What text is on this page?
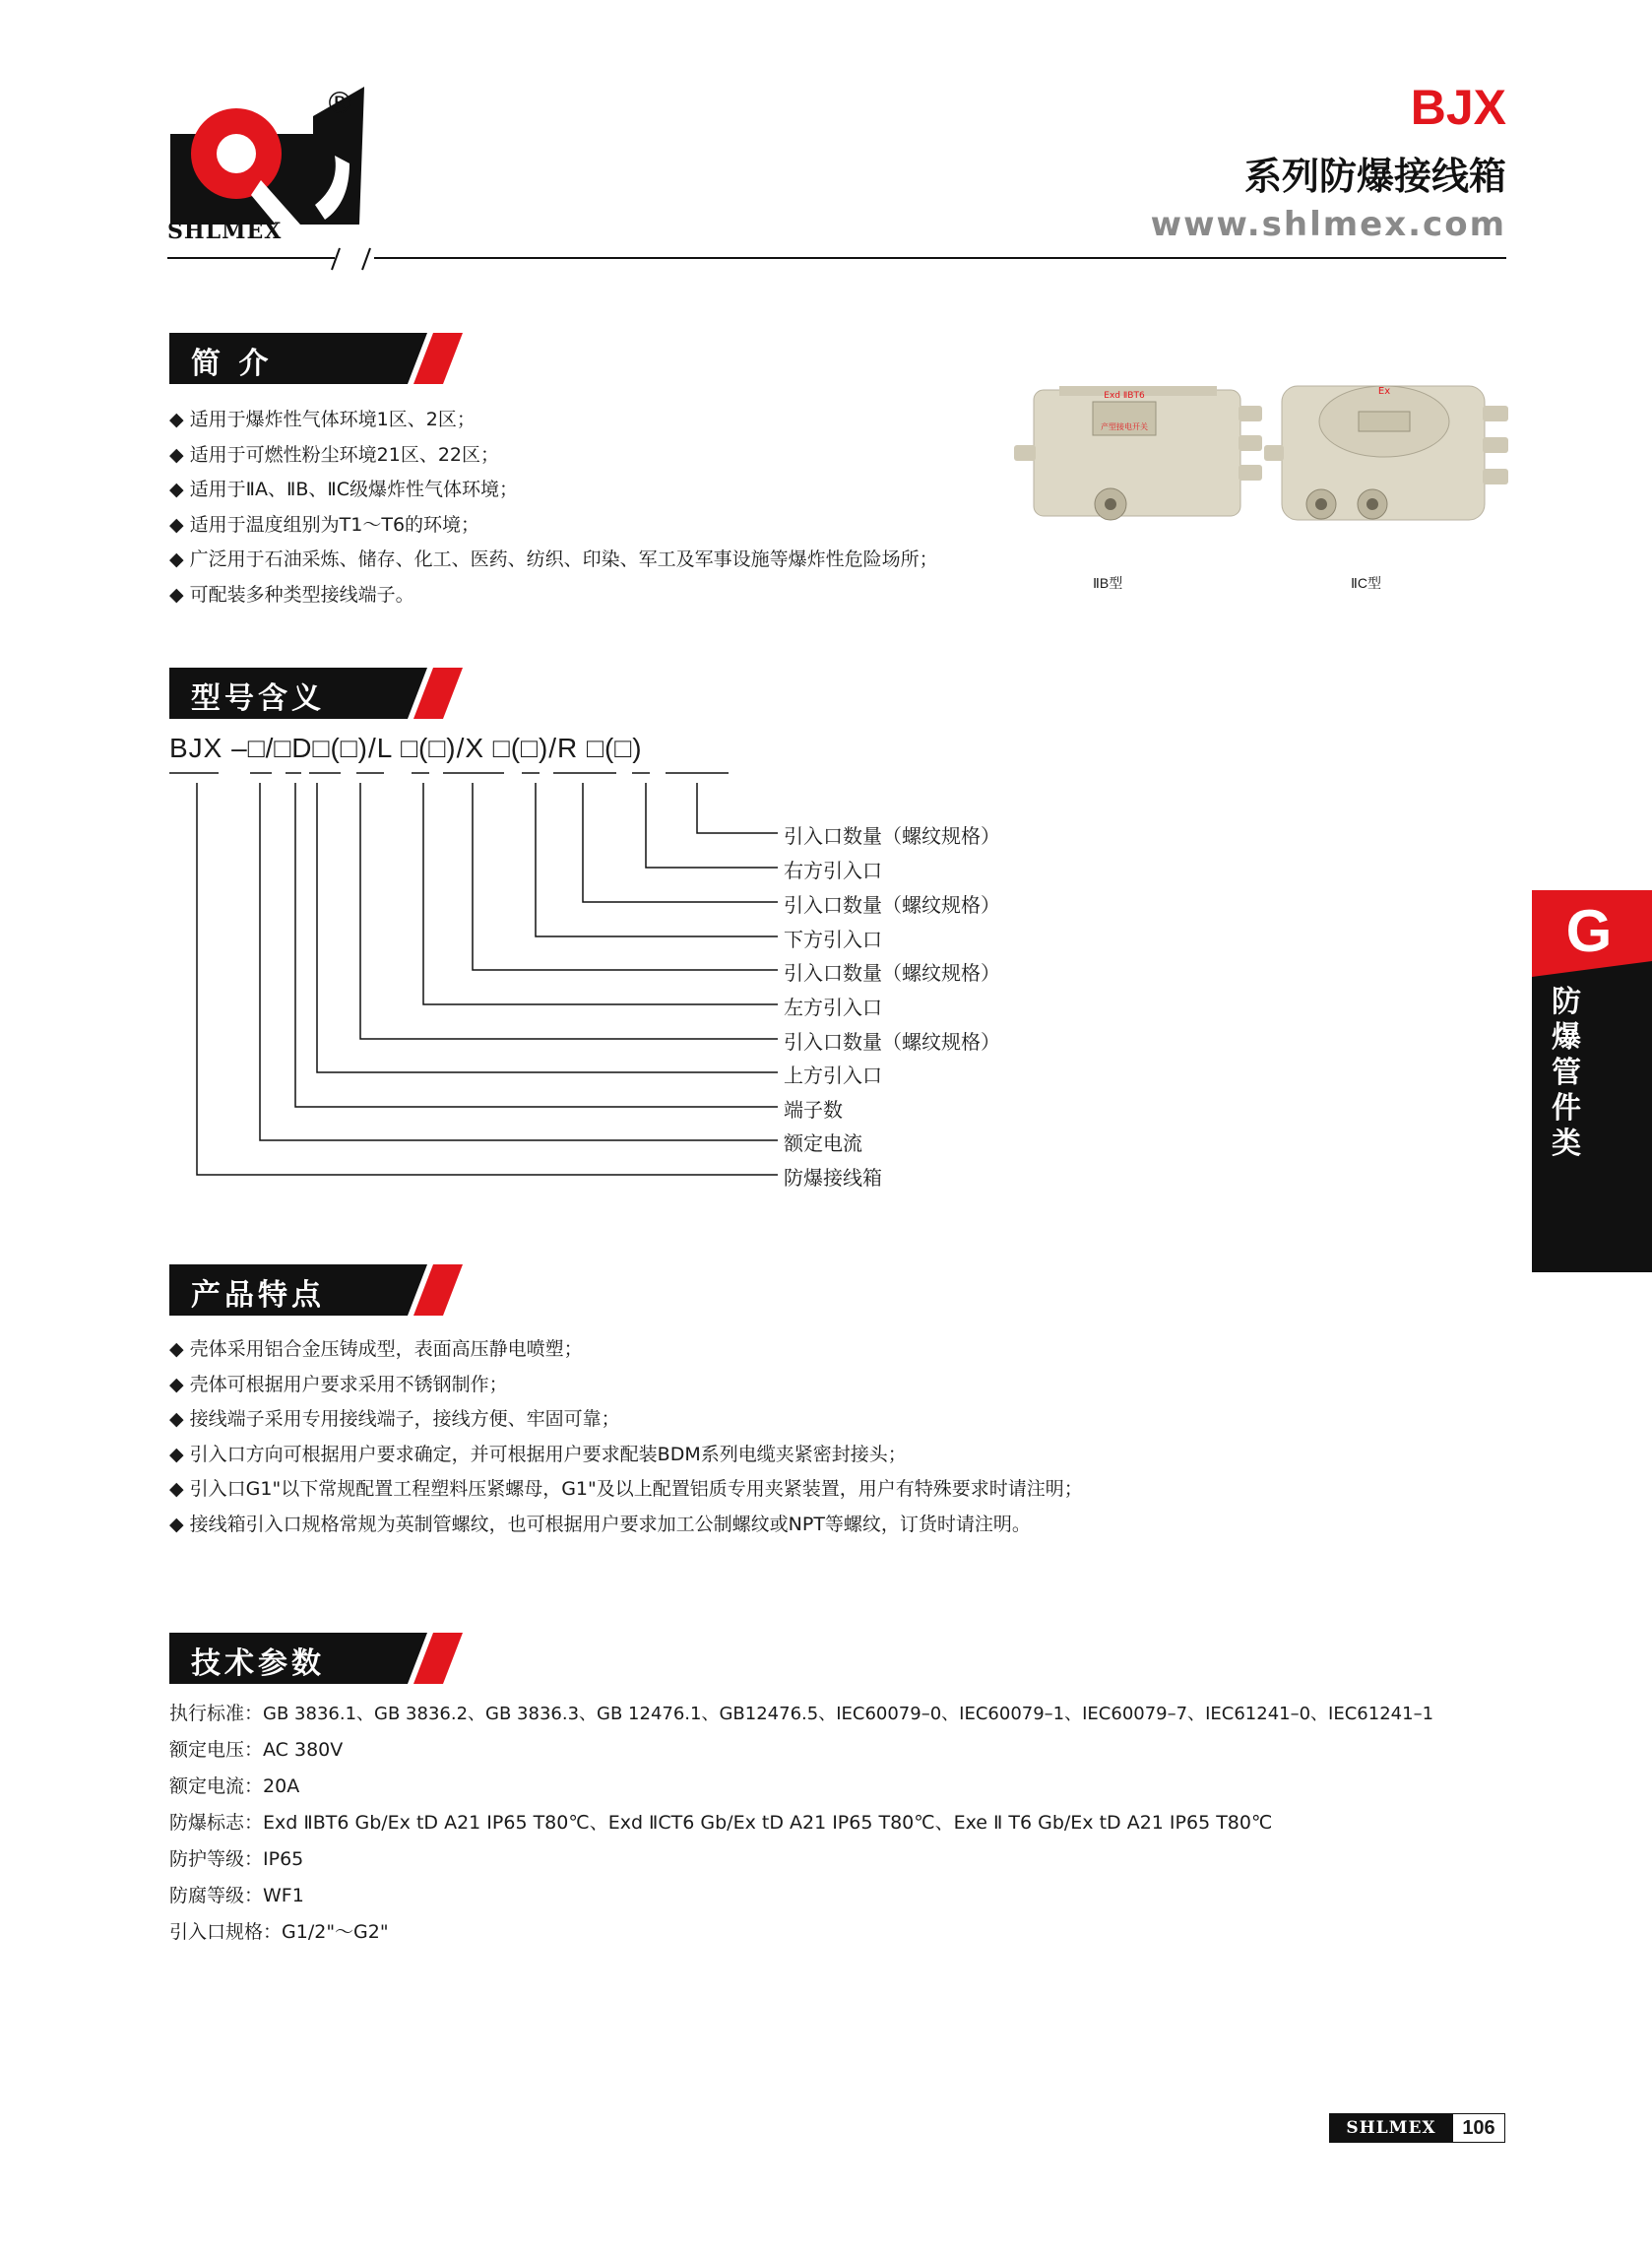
SHLMEX
®	BJX
系列防爆接线箱
www.shlmex.com
简 介
◆ 适用于爆炸性气体环境1区、2区；
◆ 适用于可燃性粉尘环境21区、22区；
◆ 适用于ⅡA、ⅡB、ⅡC级爆炸性气体环境；
◆ 适用于温度组别为T1～T6的环境；
◆ 广泛用于石油采炼、储存、化工、医药、纺织、印染、军工及军事设施等爆炸性危险场所；
◆ 可配装多种类型接线端子。
Exd ⅡBT6
产型接电开关
ⅡB型
Ex
ⅡC型
型号含义
BJX –□/□D□(□)/L □(□)/X □(□)/R □(□)
引入口数量（螺纹规格）
右方引入口
引入口数量（螺纹规格）
下方引入口
引入口数量（螺纹规格）
左方引入口
引入口数量（螺纹规格）
上方引入口
端子数
额定电流
防爆接线箱
产品特点
◆ 壳体采用铝合金压铸成型，表面高压静电喷塑；
◆ 壳体可根据用户要求采用不锈钢制作；
◆ 接线端子采用专用接线端子，接线方便、牢固可靠；
◆ 引入口方向可根据用户要求确定，并可根据用户要求配装BDM系列电缆夹紧密封接头；
◆ 引入口G1"以下常规配置工程塑料压紧螺母，G1"及以上配置铝质专用夹紧装置，用户有特殊要求时请注明；
◆ 接线箱引入口规格常规为英制管螺纹，也可根据用户要求加工公制螺纹或NPT等螺纹，订货时请注明。
技术参数
执行标准：GB 3836.1、GB 3836.2、GB 3836.3、GB 12476.1、GB12476.5、IEC60079–0、IEC60079–1、IEC60079–7、IEC61241–0、IEC61241–1
额定电压：AC 380V
额定电流：20A
防爆标志：Exd ⅡBT6 Gb/Ex tD A21 IP65 T80℃、Exd ⅡCT6 Gb/Ex tD A21 IP65 T80℃、Exe Ⅱ T6 Gb/Ex tD A21 IP65 T80℃
防护等级：IP65
防腐等级：WF1
引入口规格：G1/2"～G2"
G
防
爆
管
件
类
SHLMEX	106
